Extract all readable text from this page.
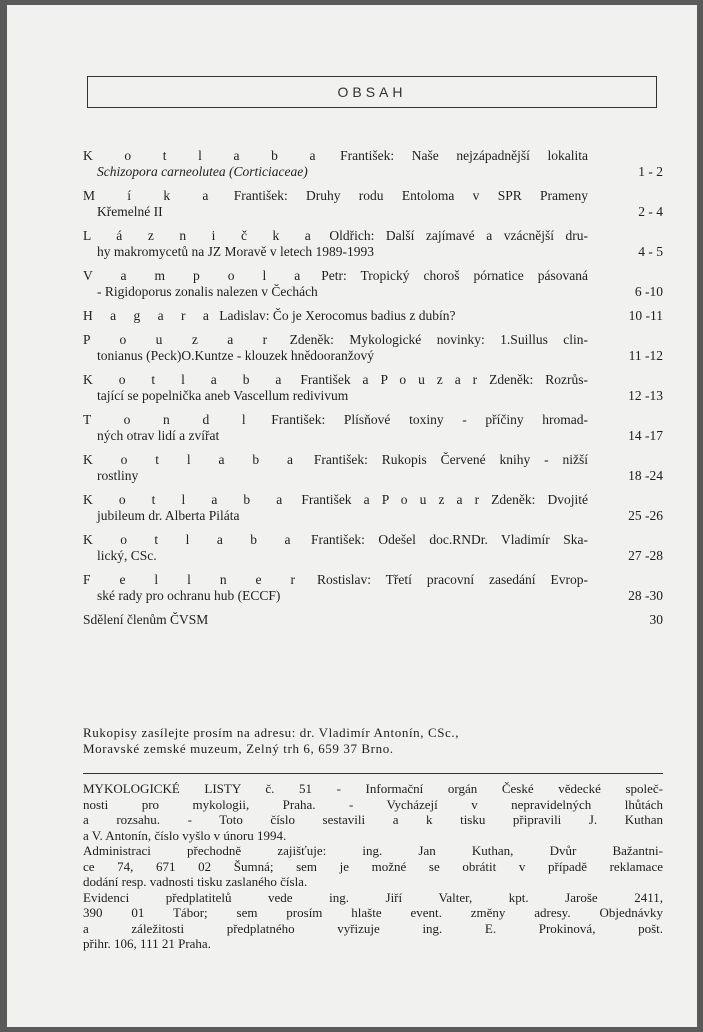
OBSAH
K o t l a b a František: Naše nejzápadnější lokalita
Schizopora carneolutea (Corticiaceae)	1 - 2
M í k a František: Druhy rodu Entoloma v SPR Prameny
Křemelné II	2 - 4
L á z n i č k a Oldřich: Další zajímavé a vzácnější dru-
hy makromycetů na JZ Moravě v letech 1989-1993	4 - 5
V a m p o l a Petr: Tropický choroš pórnatice pásovaná
- Rigidoporus zonalis nalezen v Čechách	6 -10
H a g a r a Ladislav: Čo je Xerocomus badius z dubín?	10 -11
P o u z a r Zdeněk: Mykologické novinky: 1.Suillus clin-
tonianus (Peck)O.Kuntze - klouzek hnědooranžový	11 -12
K o t l a b a František a P o u z a r Zdeněk: Rozrůs-
tající se popelnička aneb Vascellum redivivum	12 -13
T o n d l František: Plísňové toxiny - příčiny hromad-
ných otrav lidí a zvířat	14 -17
K o t l a b a František: Rukopis Červené knihy - nižší
rostliny	18 -24
K o t l a b a František a P o u z a r Zdeněk: Dvojité
jubileum dr. Alberta Piláta	25 -26
K o t l a b a František: Odešel doc.RNDr. Vladimír Ska-
lický, CSc.	27 -28
F e l l n e r Rostislav: Třetí pracovní zasedání Evrop-
ské rady pro ochranu hub (ECCF)	28 -30
Sdělení členům ČVSM	30
Rukopisy zasílejte prosím na adresu: dr. Vladimír Antonín, CSc.,
Moravské zemské muzeum, Zelný trh 6, 659 37 Brno.
MYKOLOGICKÉ LISTY č. 51 - Informační orgán České vědecké společ-
nosti pro mykologii, Praha. - Vycházejí v nepravidelných lhůtách
a rozsahu. - Toto číslo sestavili a k tisku připravili J. Kuthan
a V. Antonín, číslo vyšlo v únoru 1994.
Administraci přechodně zajišťuje: ing. Jan Kuthan, Dvůr Bažantni-
ce 74, 671 02 Šumná; sem je možné se obrátit v případě reklamace
dodání resp. vadnosti tisku zaslaného čísla.
Evidenci předplatitelů vede ing. Jiří Valter, kpt. Jaroše 2411,
390 01 Tábor; sem prosím hlašte event. změny adresy. Objednávky
a záležitosti předplatného vyřizuje ing. E. Prokinová, pošt.
přihr. 106, 111 21 Praha.
